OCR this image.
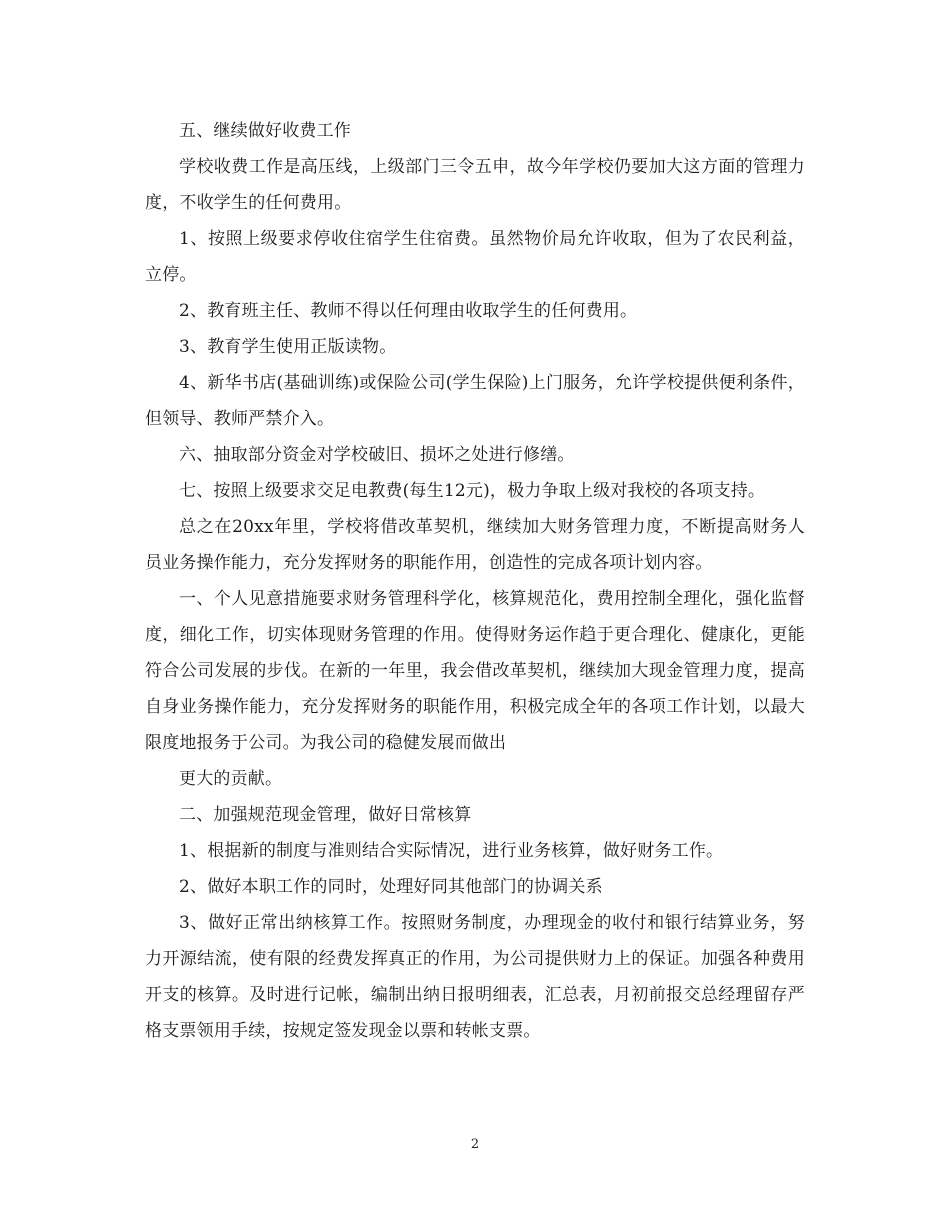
五、继续做好收费工作

学校收费工作是高压线，上级部门三令五申，故今年学校仍要加大这方面的管理力度，不收学生的任何费用。

1、按照上级要求停收住宿学生住宿费。虽然物价局允许收取，但为了农民利益，立停。

2、教育班主任、教师不得以任何理由收取学生的任何费用。

3、教育学生使用正版读物。

4、新华书店(基础训练)或保险公司(学生保险)上门服务，允许学校提供便利条件，但领导、教师严禁介入。

六、抽取部分资金对学校破旧、损坏之处进行修缮。

七、按照上级要求交足电教费(每生12元)，极力争取上级对我校的各项支持。

总之在20xx年里，学校将借改革契机，继续加大财务管理力度，不断提高财务人员业务操作能力，充分发挥财务的职能作用，创造性的完成各项计划内容。

一、个人见意措施要求财务管理科学化，核算规范化，费用控制全理化，强化监督度，细化工作，切实体现财务管理的作用。使得财务运作趋于更合理化、健康化，更能符合公司发展的步伐。在新的一年里，我会借改革契机，继续加大现金管理力度，提高自身业务操作能力，充分发挥财务的职能作用，积极完成全年的各项工作计划，以最大限度地报务于公司。为我公司的稳健发展而做出

更大的贡献。

二、加强规范现金管理，做好日常核算

1、根据新的制度与准则结合实际情况，进行业务核算，做好财务工作。

2、做好本职工作的同时，处理好同其他部门的协调关系

3、做好正常出纳核算工作。按照财务制度，办理现金的收付和银行结算业务，努力开源结流，使有限的经费发挥真正的作用，为公司提供财力上的保证。加强各种费用开支的核算。及时进行记帐，编制出纳日报明细表，汇总表，月初前报交总经理留存严格支票领用手续，按规定签发现金以票和转帐支票。

2
